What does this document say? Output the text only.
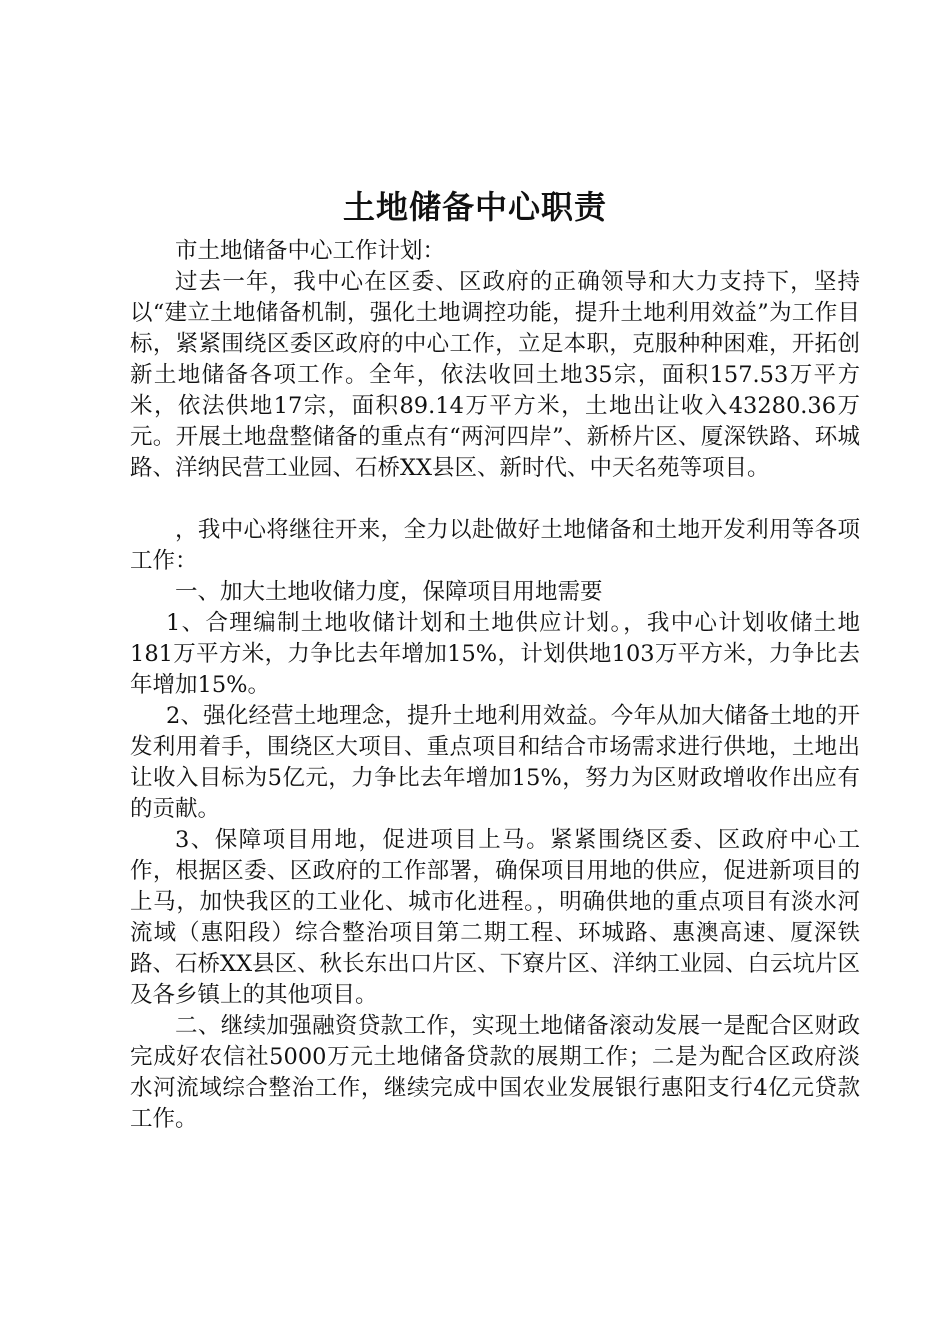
土地储备中心职责

市土地储备中心工作计划：

过去一年，我中心在区委、区政府的正确领导和大力支持下，坚持以“建立土地储备机制，强化土地调控功能，提升土地利用效益”为工作目标，紧紧围绕区委区政府的中心工作，立足本职，克服种种困难，开拓创新土地储备各项工作。全年，依法收回土地35宗，面积157.53万平方米，依法供地17宗，面积89.14万平方米，土地出让收入43280.36万元。开展土地盘整储备的重点有“两河四岸”、新桥片区、厦深铁路、环城路、洋纳民营工业园、石桥XX县区、新时代、中天名苑等项目。

，我中心将继往开来，全力以赴做好土地储备和土地开发利用等各项工作：

一、加大土地收储力度，保障项目用地需要

1、合理编制土地收储计划和土地供应计划。，我中心计划收储土地181万平方米，力争比去年增加15%，计划供地103万平方米，力争比去年增加15%。

2、强化经营土地理念，提升土地利用效益。今年从加大储备土地的开发利用着手，围绕区大项目、重点项目和结合市场需求进行供地，土地出让收入目标为5亿元，力争比去年增加15%，努力为区财政增收作出应有的贡献。

3、保障项目用地，促进项目上马。紧紧围绕区委、区政府中心工作，根据区委、区政府的工作部署，确保项目用地的供应，促进新项目的上马，加快我区的工业化、城市化进程。，明确供地的重点项目有淡水河流域（惠阳段）综合整治项目第二期工程、环城路、惠澳高速、厦深铁路、石桥XX县区、秋长东出口片区、下寮片区、洋纳工业园、白云坑片区及各乡镇上的其他项目。

二、继续加强融资贷款工作，实现土地储备滚动发展一是配合区财政完成好农信社5000万元土地储备贷款的展期工作；二是为配合区政府淡水河流域综合整治工作，继续完成中国农业发展银行惠阳支行4亿元贷款工作。
